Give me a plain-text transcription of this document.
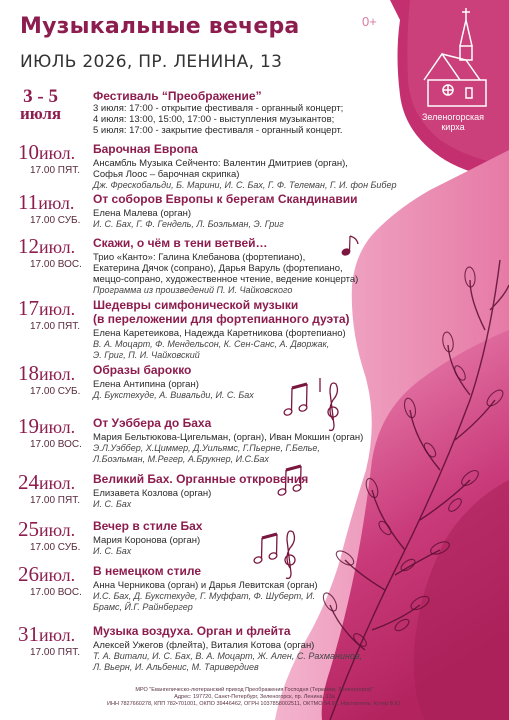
Музыкальные вечера	0+
ИЮЛЬ 2026, ПР. ЛЕНИНА, 13
Зеленогорская
кирха
3 - 5
июля
Фестиваль “Преображение”
3 июля: 17:00 - открытие фестиваля - органный концерт;
4 июля: 13:00, 15:00, 17:00 - выступления музыкантов;
5 июля: 17:00 - закрытие фестиваля - органный концерт.
10июл.
17.00 ПЯТ.
Барочная Европа
Ансамбль Музыка Сейченто: Валентин Дмитриев (орган),
Софья Лоос – барочная скрипка)
Дж. Фрескобальди, Б. Марини, И. С. Бах, Г. Ф. Телеман, Г. И. фон Бибер
11июл.
17.00 СУБ.
От соборов Европы к берегам Скандинавии
Елена Малева (орган)
И. С. Бах, Г. Ф. Гендель, Л. Боэльман, Э. Григ
12июл.
17.00 ВОС.
Скажи, о чём в тени ветвей…
Трио «Канто»: Галина Клебанова (фортепиано),
Екатерина Дячок (сопрано), Дарья Варуль (фортепиано,
меццо-сопрано, художественное чтение, ведение концерта)
Программа из произведений П. И. Чайковского
17июл.
17.00 ПЯТ.
Шедевры симфонической музыки
(в переложении для фортепианного дуэта)
Елена Каретеикова, Надежда Каретникова (фортепиано)
В. А. Моцарт, Ф. Мендельсон, К. Сен-Санс, А. Дворжак,
Э. Григ, П. И. Чайковский
18июл.
17.00 СУБ.
Образы барокко
Елена Антипина (орган)
Д. Букстехуде, А. Вивальди, И. С. Бах
19июл.
17.00 ВОС.
От Уэббера до Баха
Мария Бельтюкова-Цигельман, (орган), Иван Мокшин (орган)
Э.Л.Уэббер, Х.Циммер, Д.Уильямс, Г.Пьерне, Г.Белье,
Л.Боэльман, М.Регер, А.Брукнер, И.С.Бах
24июл.
17.00 ПЯТ.
Великий Бах. Органные откровения
Елизавета Козлова (орган)
И. С. Бах
25июл.
17.00 СУБ.
Вечер в стиле Бах
Мария Коронова (орган)
И. С. Бах
26июл.
17.00 ВОС.
В немецком стиле
Анна Черникова (орган) и Дарья Левитская (орган)
И.С. Бах, Д. Букстехуде, Г. Муффат, Ф. Шуберт, И.
Брамс, Й.Г. Райнбергер
31июл.
17.00 ПЯТ.
Музыка воздуха. Орган и флейта
Алексей Ужегов (флейта), Виталия Котова (орган)
Т. А. Витали, И. С. Бах, В. А. Моцарт, Ж. Ален, С. Рахманинов,
Л. Вьерн, И. Альбенис, М. Таривердиев
МРО "Евангелическо-лютеранский приход Преображения Господня (Теркиёки, Зеленогорск)"
Адрес: 197720, Санкт-Петербург, Зеленогорск, пр. Ленина, 13а
ИНН 7827660278, КПП 782•701001, ОКПО 39446462, ОГРН 1037858002511, ОКТМО 54.91, Настоятель: Кутер В.Ю.
